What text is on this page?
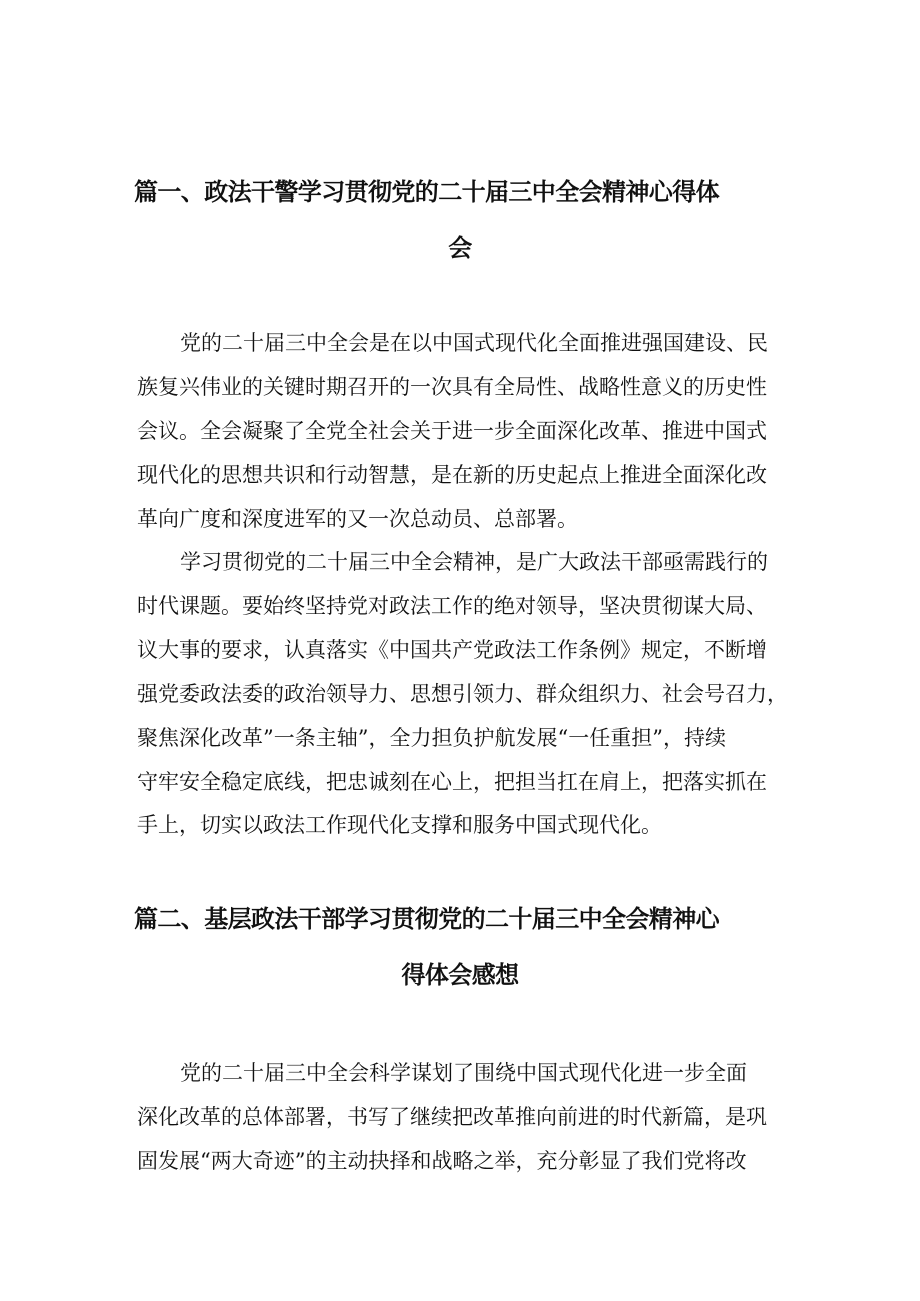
篇一、政法干警学习贯彻党的二十届三中全会精神心得体
会

党的二十届三中全会是在以中国式现代化全面推进强国建设、民

族复兴伟业的关键时期召开的一次具有全局性、战略性意义的历史性

会议。全会凝聚了全党全社会关于进一步全面深化改革、推进中国式

现代化的思想共识和行动智慧，是在新的历史起点上推进全面深化改

革向广度和深度进军的又一次总动员、总部署。

学习贯彻党的二十届三中全会精神，是广大政法干部亟需践行的

时代课题。要始终坚持党对政法工作的绝对领导，坚决贯彻谋大局、

议大事的要求，认真落实《中国共产党政法工作条例》规定，不断增

强党委政法委的政治领导力、思想引领力、群众组织力、社会号召力，

聚焦深化改革”一条主轴”，全力担负护航发展“一任重担”，持续

守牢安全稳定底线，把忠诚刻在心上，把担当扛在肩上，把落实抓在

手上，切实以政法工作现代化支撑和服务中国式现代化。

篇二、基层政法干部学习贯彻党的二十届三中全会精神心
得体会感想

党的二十届三中全会科学谋划了围绕中国式现代化进一步全面

深化改革的总体部署，书写了继续把改革推向前进的时代新篇，是巩

固发展“两大奇迹”的主动抉择和战略之举，充分彰显了我们党将改
